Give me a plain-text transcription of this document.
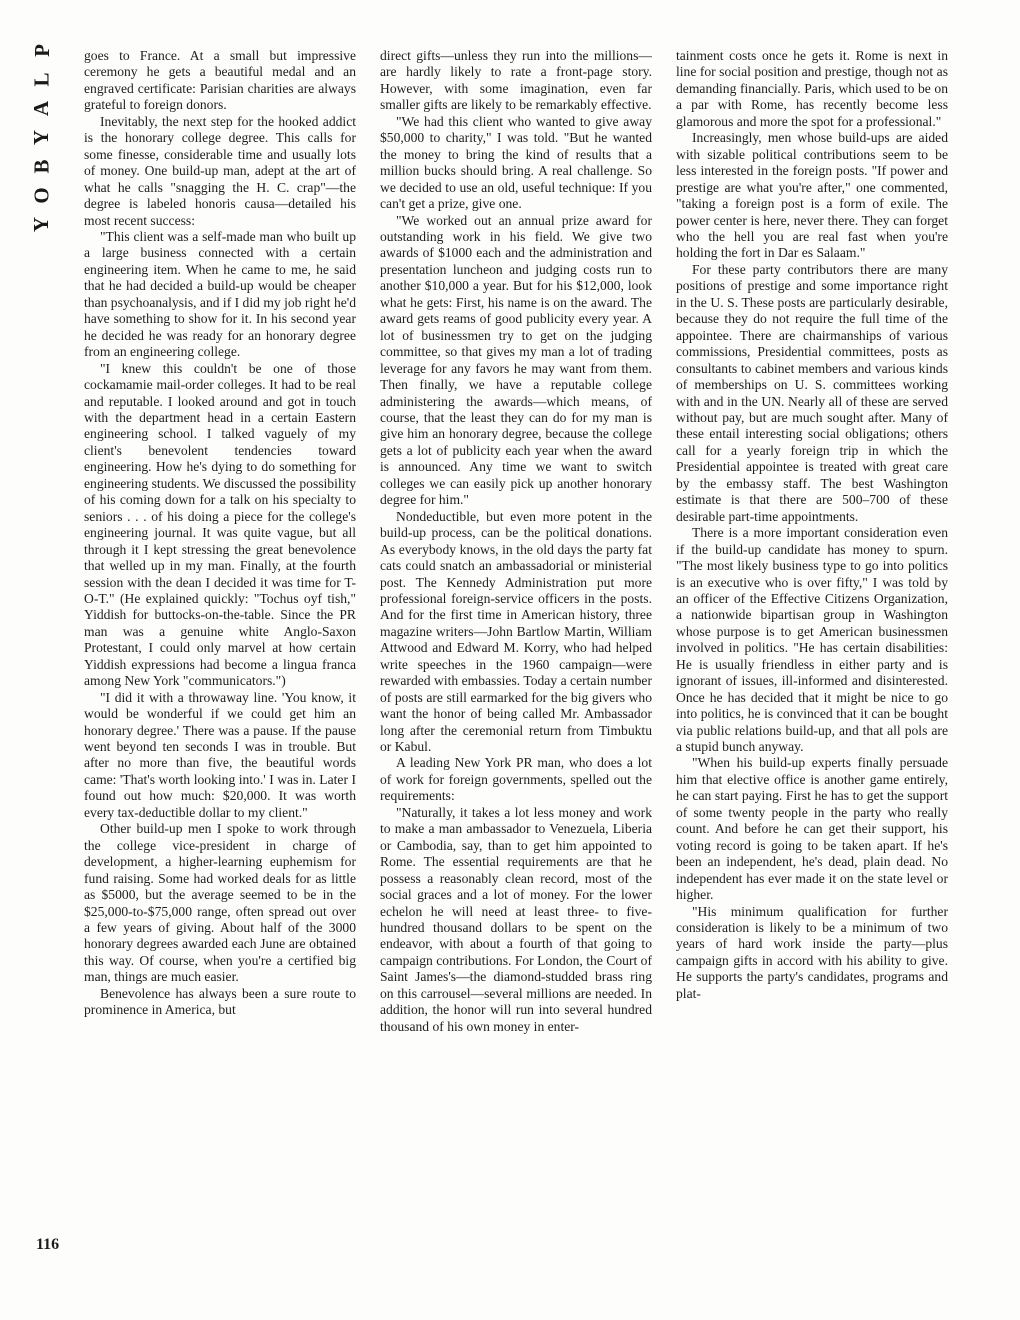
P
L
A
Y
B
O
Y
116

goes to France. At a small but impressive ceremony he gets a beautiful medal and an engraved certificate: Parisian charities are always grateful to foreign donors.

Inevitably, the next step for the hooked addict is the honorary college degree. This calls for some finesse, considerable time and usually lots of money. One build-up man, adept at the art of what he calls "snagging the H. C. crap"—the degree is labeled honoris causa—detailed his most recent success:

"This client was a self-made man who built up a large business connected with a certain engineering item. When he came to me, he said that he had decided a build-up would be cheaper than psychoanalysis, and if I did my job right he'd have something to show for it. In his second year he decided he was ready for an honorary degree from an engineering college.

"I knew this couldn't be one of those cockamamie mail-order colleges. It had to be real and reputable. I looked around and got in touch with the department head in a certain Eastern engineering school. I talked vaguely of my client's benevolent tendencies toward engineering. How he's dying to do something for engineering students. We discussed the possibility of his coming down for a talk on his specialty to seniors . . . of his doing a piece for the college's engineering journal. It was quite vague, but all through it I kept stressing the great benevolence that welled up in my man. Finally, at the fourth session with the dean I decided it was time for T-O-T." (He explained quickly: "Tochus oyf tish," Yiddish for buttocks-on-the-table. Since the PR man was a genuine white Anglo-Saxon Protestant, I could only marvel at how certain Yiddish expressions had become a lingua franca among New York "communicators.")

"I did it with a throwaway line. 'You know, it would be wonderful if we could get him an honorary degree.' There was a pause. If the pause went beyond ten seconds I was in trouble. But after no more than five, the beautiful words came: 'That's worth looking into.' I was in. Later I found out how much: $20,000. It was worth every tax-deductible dollar to my client."

Other build-up men I spoke to work through the college vice-president in charge of development, a higher-learning euphemism for fund raising. Some had worked deals for as little as $5000, but the average seemed to be in the $25,000-to-$75,000 range, often spread out over a few years of giving. About half of the 3000 honorary degrees awarded each June are obtained this way. Of course, when you're a certified big man, things are much easier.

Benevolence has always been a sure route to prominence in America, but

direct gifts—unless they run into the millions—are hardly likely to rate a front-page story. However, with some imagination, even far smaller gifts are likely to be remarkably effective.

"We had this client who wanted to give away $50,000 to charity," I was told. "But he wanted the money to bring the kind of results that a million bucks should bring. A real challenge. So we decided to use an old, useful technique: If you can't get a prize, give one.

"We worked out an annual prize award for outstanding work in his field. We give two awards of $1000 each and the administration and presentation luncheon and judging costs run to another $10,000 a year. But for his $12,000, look what he gets: First, his name is on the award. The award gets reams of good publicity every year. A lot of businessmen try to get on the judging committee, so that gives my man a lot of trading leverage for any favors he may want from them. Then finally, we have a reputable college administering the awards—which means, of course, that the least they can do for my man is give him an honorary degree, because the college gets a lot of publicity each year when the award is announced. Any time we want to switch colleges we can easily pick up another honorary degree for him."

Nondeductible, but even more potent in the build-up process, can be the political donations. As everybody knows, in the old days the party fat cats could snatch an ambassadorial or ministerial post. The Kennedy Administration put more professional foreign-service officers in the posts. And for the first time in American history, three magazine writers—John Bartlow Martin, William Attwood and Edward M. Korry, who had helped write speeches in the 1960 campaign—were rewarded with embassies. Today a certain number of posts are still earmarked for the big givers who want the honor of being called Mr. Ambassador long after the ceremonial return from Timbuktu or Kabul.

A leading New York PR man, who does a lot of work for foreign governments, spelled out the requirements:

"Naturally, it takes a lot less money and work to make a man ambassador to Venezuela, Liberia or Cambodia, say, than to get him appointed to Rome. The essential requirements are that he possess a reasonably clean record, most of the social graces and a lot of money. For the lower echelon he will need at least three- to five-hundred thousand dollars to be spent on the endeavor, with about a fourth of that going to campaign contributions. For London, the Court of Saint James's—the diamond-studded brass ring on this carrousel—several millions are needed. In addition, the honor will run into several hundred thousand of his own money in enter-

tainment costs once he gets it. Rome is next in line for social position and prestige, though not as demanding financially. Paris, which used to be on a par with Rome, has recently become less glamorous and more the spot for a professional."

Increasingly, men whose build-ups are aided with sizable political contributions seem to be less interested in the foreign posts. "If power and prestige are what you're after," one commented, "taking a foreign post is a form of exile. The power center is here, never there. They can forget who the hell you are real fast when you're holding the fort in Dar es Salaam."

For these party contributors there are many positions of prestige and some importance right in the U. S. These posts are particularly desirable, because they do not require the full time of the appointee. There are chairmanships of various commissions, Presidential committees, posts as consultants to cabinet members and various kinds of memberships on U. S. committees working with and in the UN. Nearly all of these are served without pay, but are much sought after. Many of these entail interesting social obligations; others call for a yearly foreign trip in which the Presidential appointee is treated with great care by the embassy staff. The best Washington estimate is that there are 500–700 of these desirable part-time appointments.

There is a more important consideration even if the build-up candidate has money to spurn. "The most likely business type to go into politics is an executive who is over fifty," I was told by an officer of the Effective Citizens Organization, a nationwide bipartisan group in Washington whose purpose is to get American businessmen involved in politics. "He has certain disabilities: He is usually friendless in either party and is ignorant of issues, ill-informed and disinterested. Once he has decided that it might be nice to go into politics, he is convinced that it can be bought via public relations build-up, and that all pols are a stupid bunch anyway.

"When his build-up experts finally persuade him that elective office is another game entirely, he can start paying. First he has to get the support of some twenty people in the party who really count. And before he can get their support, his voting record is going to be taken apart. If he's been an independent, he's dead, plain dead. No independent has ever made it on the state level or higher.

"His minimum qualification for further consideration is likely to be a minimum of two years of hard work inside the party—plus campaign gifts in accord with his ability to give. He supports the party's candidates, programs and plat-
